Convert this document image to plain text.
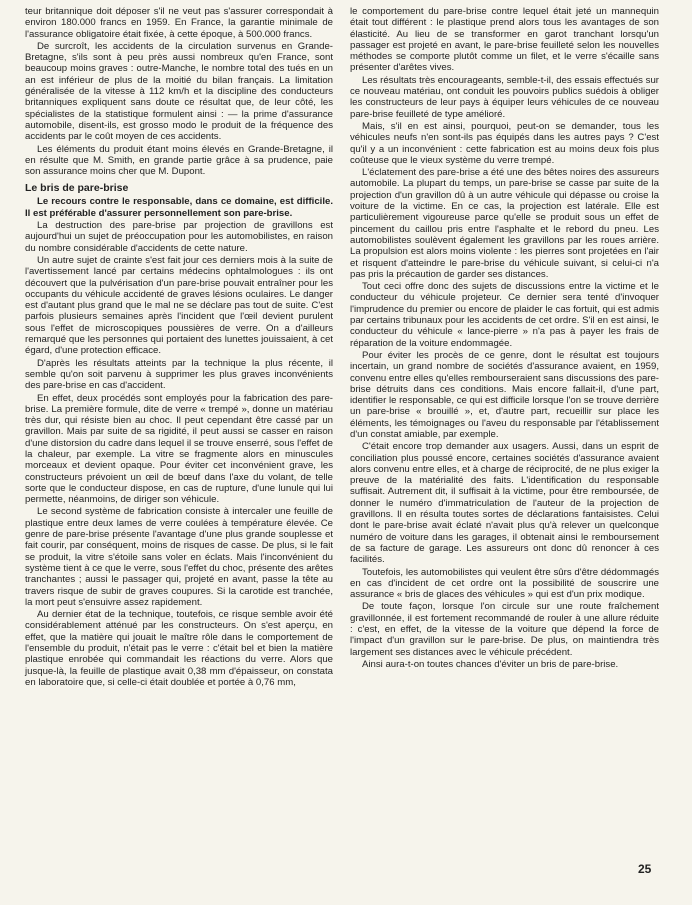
teur britannique doit déposer s'il ne veut pas s'assurer correspondait à environ 180.000 francs en 1959. En France, la garantie minimale de l'assurance obligatoire était fixée, à cette époque, à 500.000 francs.

De surcroît, les accidents de la circulation survenus en Grande-Bretagne, s'ils sont à peu près aussi nombreux qu'en France, sont beaucoup moins graves : outre-Manche, le nombre total des tués en un an est inférieur de plus de la moitié du bilan français. La limitation généralisée de la vitesse à 112 km/h et la discipline des conducteurs britanniques expliquent sans doute ce résultat que, de leur côté, les spécialistes de la statistique formulent ainsi : — la prime d'assurance automobile, disent-ils, est grosso modo le produit de la fréquence des accidents par le coût moyen de ces accidents.

Les éléments du produit étant moins élevés en Grande-Bretagne, il en résulte que M. Smith, en grande partie grâce à sa prudence, paie son assurance moins cher que M. Dupont.

Le bris de pare-brise

Le recours contre le responsable, dans ce domaine, est difficile. Il est préférable d'assurer personnellement son pare-brise.

La destruction des pare-brise par projection de gravillons est aujourd'hui un sujet de préoccupation pour les automobilistes, en raison du nombre considérable d'accidents de cette nature.

Un autre sujet de crainte s'est fait jour ces derniers mois à la suite de l'avertissement lancé par certains médecins ophtalmologues : ils ont découvert que la pulvérisation d'un pare-brise pouvait entraîner pour les occupants du véhicule accidenté de graves lésions oculaires. Le danger est d'autant plus grand que le mal ne se déclare pas tout de suite. C'est parfois plusieurs semaines après l'incident que l'œil devient purulent sous l'effet de microscopiques poussières de verre. On a d'ailleurs remarqué que les personnes qui portaient des lunettes jouissaient, à cet égard, d'une protection efficace.

D'après les résultats atteints par la technique la plus récente, il semble qu'on soit parvenu à supprimer les plus graves inconvénients des pare-brise en cas d'accident.

En effet, deux procédés sont employés pour la fabrication des pare-brise. La première formule, dite de verre « trempé », donne un matériau très dur, qui résiste bien au choc. Il peut cependant être cassé par un gravillon. Mais par suite de sa rigidité, il peut aussi se casser en raison d'une distorsion du cadre dans lequel il se trouve enserré, sous l'effet de la chaleur, par exemple. La vitre se fragmente alors en minuscules morceaux et devient opaque. Pour éviter cet inconvénient grave, les constructeurs prévoient un œil de bœuf dans l'axe du volant, de telle sorte que le conducteur dispose, en cas de rupture, d'une lunule qui lui permette, néanmoins, de diriger son véhicule.

Le second système de fabrication consiste à intercaler une feuille de plastique entre deux lames de verre coulées à température élevée. Ce genre de pare-brise présente l'avantage d'une plus grande souplesse et fait courir, par conséquent, moins de risques de casse. De plus, si le fait se produit, la vitre s'étoile sans voler en éclats. Mais l'inconvénient du système tient à ce que le verre, sous l'effet du choc, présente des arêtes tranchantes ; aussi le passager qui, projeté en avant, passe la tête au travers risque de subir de graves coupures. Si la carotide est tranchée, la mort peut s'ensuivre assez rapidement.

Au dernier état de la technique, toutefois, ce risque semble avoir été considérablement atténué par les constructeurs. On s'est aperçu, en effet, que la matière qui jouait le maître rôle dans le comportement de l'ensemble du produit, n'était pas le verre : c'était bel et bien la matière plastique enrobée qui commandait les réactions du verre. Alors que jusque-là, la feuille de plastique avait 0,38 mm d'épaisseur, on constata en laboratoire que, si celle-ci était doublée et portée à 0,76 mm,

le comportement du pare-brise contre lequel était jeté un mannequin était tout différent : le plastique prend alors tous les avantages de son élasticité. Au lieu de se transformer en garot tranchant lorsqu'un passager est projeté en avant, le pare-brise feuilleté selon les nouvelles méthodes se comporte plutôt comme un filet, et le verre s'écaille sans présenter d'arêtes vives.

Les résultats très encourageants, semble-t-il, des essais effectués sur ce nouveau matériau, ont conduit les pouvoirs publics suédois à obliger les constructeurs de leur pays à équiper leurs véhicules de ce nouveau pare-brise feuilleté de type amélioré.

Mais, s'il en est ainsi, pourquoi, peut-on se demander, tous les véhicules neufs n'en sont-ils pas équipés dans les autres pays ? C'est qu'il y a un inconvénient : cette fabrication est au moins deux fois plus coûteuse que le vieux système du verre trempé.

L'éclatement des pare-brise a été une des bêtes noires des assureurs automobile. La plupart du temps, un pare-brise se casse par suite de la projection d'un gravillon dû à un autre véhicule qui dépasse ou croise la voiture de la victime. En ce cas, la projection est latérale. Elle est particulièrement vigoureuse parce qu'elle se produit sous un effet de pincement du caillou pris entre l'asphalte et le rebord du pneu. Les automobilistes soulèvent également les gravillons par les roues arrière. La propulsion est alors moins violente : les pierres sont projetées en l'air et risquent d'atteindre le pare-brise du véhicule suivant, si celui-ci n'a pas pris la précaution de garder ses distances.

Tout ceci offre donc des sujets de discussions entre la victime et le conducteur du véhicule projeteur. Ce dernier sera tenté d'invoquer l'imprudence du premier ou encore de plaider le cas fortuit, qui est admis par certains tribunaux pour les accidents de cet ordre. S'il en est ainsi, le conducteur du véhicule « lance-pierre » n'a pas à payer les frais de réparation de la voiture endommagée.

Pour éviter les procès de ce genre, dont le résultat est toujours incertain, un grand nombre de sociétés d'assurance avaient, en 1959, convenu entre elles qu'elles rembourseraient sans discussions des pare-brise détruits dans ces conditions. Mais encore fallait-il, d'une part, identifier le responsable, ce qui est difficile lorsque l'on se trouve derrière un pare-brise « brouillé », et, d'autre part, recueillir sur place les éléments, les témoignages ou l'aveu du responsable par l'établissement d'un constat amiable, par exemple.

C'était encore trop demander aux usagers. Aussi, dans un esprit de conciliation plus poussé encore, certaines sociétés d'assurance avaient alors convenu entre elles, et à charge de réciprocité, de ne plus exiger la preuve de la matérialité des faits. L'identification du responsable suffisait. Autrement dit, il suffisait à la victime, pour être remboursée, de donner le numéro d'immatriculation de l'auteur de la projection de gravillons. Il en résulta toutes sortes de déclarations fantaisistes. Celui dont le pare-brise avait éclaté n'avait plus qu'à relever un quelconque numéro de voiture dans les garages, il obtenait ainsi le remboursement de sa facture de garage. Les assureurs ont donc dû renoncer à ces facilités.

Toutefois, les automobilistes qui veulent être sûrs d'être dédommagés en cas d'incident de cet ordre ont la possibilité de souscrire une assurance « bris de glaces des véhicules » qui est d'un prix modique.

De toute façon, lorsque l'on circule sur une route fraîchement gravillonnée, il est fortement recommandé de rouler à une allure réduite : c'est, en effet, de la vitesse de la voiture que dépend la force de l'impact d'un gravillon sur le pare-brise. De plus, on maintiendra très largement ses distances avec le véhicule précédent.

Ainsi aura-t-on toutes chances d'éviter un bris de pare-brise.

25
